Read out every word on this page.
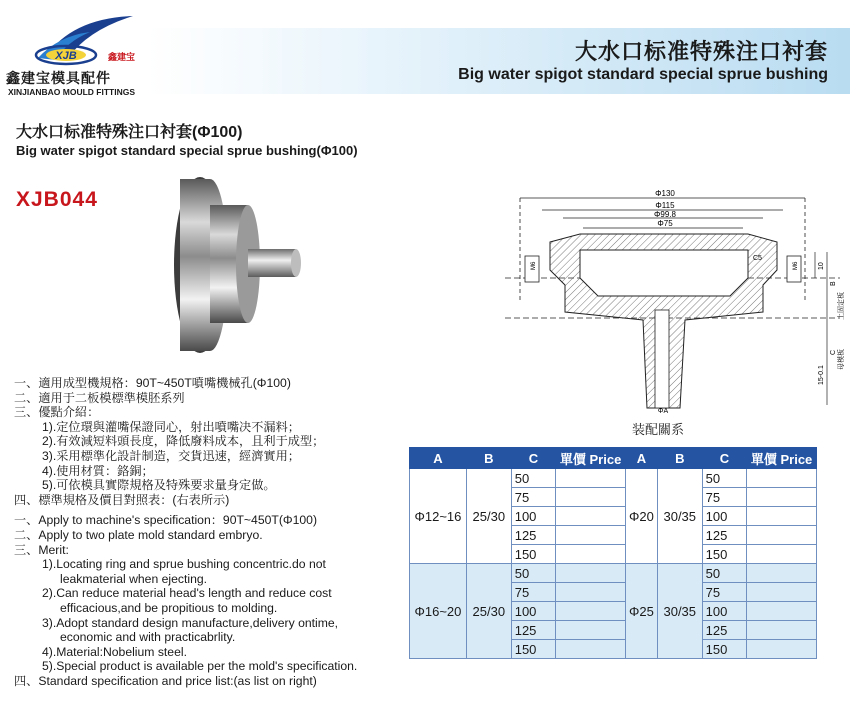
XJB	鑫建宝
鑫建宝模具配件
XINJIANBAO MOULD FITTINGS
大水口标准特殊注口衬套
Big water spigot standard special sprue bushing
大水口标准特殊注口衬套(Φ100)
Big water spigot standard special sprue bushing(Φ100)
XJB044	Φ130
Φ115
Φ99.8
Φ75
M6	M6
C5
10
B
上固定板
C 母模板
15-0.1
ΦA
装配關系
一、適用成型機規格：90T~450T噴嘴機械孔(Φ100)
二、適用于二板模標準模胚系列
三、優點介紹：
1).定位環與灌嘴保證同心，射出噴嘴决不漏料；
2).有效減短料頭長度，降低廢料成本，且利于成型；
3).采用標準化設計制造，交貨迅速，經濟實用；
4).使用材質：鉻銅；
5).可依模具實際規格及特殊要求量身定做。
四、標準規格及價目對照表：(右表所示)
一、Apply to machine's specification：90T~450T(Φ100)
二、Apply to two plate mold standard embryo.
三、Merit:
1).Locating ring and sprue bushing concentric.do not
leakmaterial when ejecting.
2).Can reduce material head's length and reduce cost
efficacious,and be propitious to molding.
3).Adopt standard design manufacture,delivery ontime,
economic and with practicabrlity.
4).Material:Nobelium steel.
5).Special product is available per the mold's specification.
四、Standard specification and price list:(as list on right)
A	B	C	單價 Price	A	B	C	單價 Price
Φ12~16	25/30	50		Φ20	30/35	50	
		75				75	
		100				100	
		125				125	
		150				150	
Φ16~20	25/30	50		Φ25	30/35	50	
		75				75	
		100				100	
		125				125	
		150				150	
